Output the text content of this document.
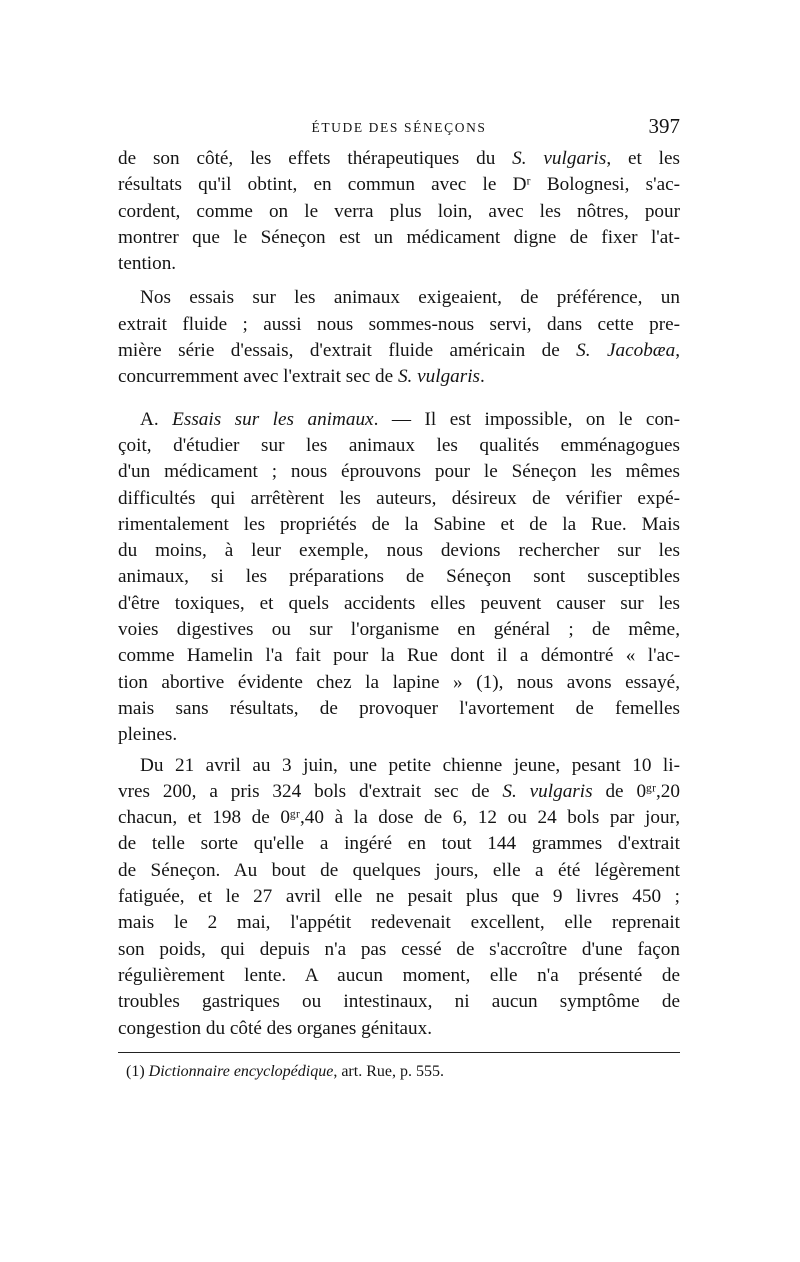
ÉTUDE DES SÉNEÇONS	397

de son côté, les effets thérapeutiques du S. vulgaris, et les
résultats qu'il obtint, en commun avec le Dʳ Bolognesi, s'ac-
cordent, comme on le verra plus loin, avec les nôtres, pour
montrer que le Séneçon est un médicament digne de fixer l'at-
tention.

Nos essais sur les animaux exigeaient, de préférence, un
extrait fluide ; aussi nous sommes-nous servi, dans cette pre-
mière série d'essais, d'extrait fluide américain de S. Jacobæa,
concurremment avec l'extrait sec de S. vulgaris.

A. Essais sur les animaux. — Il est impossible, on le con-
çoit, d'étudier sur les animaux les qualités emménagogues
d'un médicament ; nous éprouvons pour le Séneçon les mêmes
difficultés qui arrêtèrent les auteurs, désireux de vérifier expé-
rimentalement les propriétés de la Sabine et de la Rue. Mais
du moins, à leur exemple, nous devions rechercher sur les
animaux, si les préparations de Séneçon sont susceptibles
d'être toxiques, et quels accidents elles peuvent causer sur les
voies digestives ou sur l'organisme en général ; de même,
comme Hamelin l'a fait pour la Rue dont il a démontré « l'ac-
tion abortive évidente chez la lapine » (1), nous avons essayé,
mais sans résultats, de provoquer l'avortement de femelles
pleines.

Du 21 avril au 3 juin, une petite chienne jeune, pesant 10 li-
vres 200, a pris 324 bols d'extrait sec de S. vulgaris de 0ᵍʳ,20
chacun, et 198 de 0ᵍʳ,40 à la dose de 6, 12 ou 24 bols par jour,
de telle sorte qu'elle a ingéré en tout 144 grammes d'extrait
de Séneçon. Au bout de quelques jours, elle a été légèrement
fatiguée, et le 27 avril elle ne pesait plus que 9 livres 450 ;
mais le 2 mai, l'appétit redevenait excellent, elle reprenait
son poids, qui depuis n'a pas cessé de s'accroître d'une façon
régulièrement lente. A aucun moment, elle n'a présenté de
troubles gastriques ou intestinaux, ni aucun symptôme de
congestion du côté des organes génitaux.

(1) Dictionnaire encyclopédique, art. Rue, p. 555.
